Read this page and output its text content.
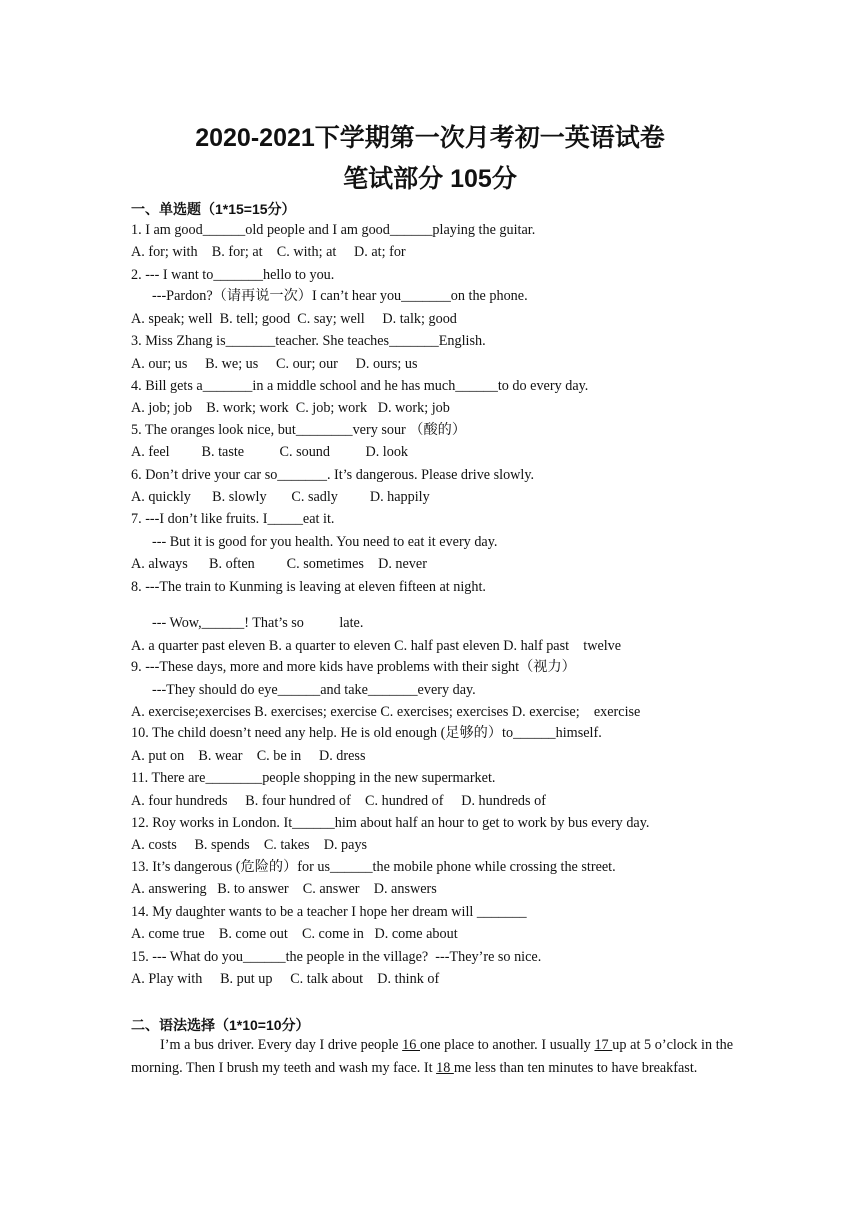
2020-2021下学期第一次月考初一英语试卷
笔试部分 105分
一、单选题（1*15=15分）
1. I am good______old people and I am good______playing the guitar.
A. for; with    B. for; at    C. with; at     D. at; for
2. --- I want to_______hello to you.
---Pardon?（请再说一次）I can’t hear you_______on the phone.
A. speak; well  B. tell; good  C. say; well     D. talk; good
3. Miss Zhang is_______teacher. She teaches_______English.
A. our; us     B. we; us     C. our; our     D. ours; us
4. Bill gets a_______in a middle school and he has much______to do every day.
A. job; job    B. work; work  C. job; work   D. work; job
5. The oranges look nice, but________very sour （酸的）
A. feel         B. taste          C. sound          D. look
6. Don’t drive your car so_______. It’s dangerous. Please drive slowly.
A. quickly      B. slowly       C. sadly         D. happily
7. ---I don’t like fruits. I_____eat it.
--- But it is good for you health. You need to eat it every day.
A. always      B. often         C. sometimes    D. never
8. ---The train to Kunming is leaving at eleven fifteen at night.
--- Wow,______! That’s so          late.
A. a quarter past eleven B. a quarter to eleven C. half past eleven D. half past    twelve
9. ---These days, more and more kids have problems with their sight（视力）
---They should do eye______and take_______every day.
A. exercise;exercises B. exercises; exercise C. exercises; exercises D. exercise;    exercise
10. The child doesn’t need any help. He is old enough (足够的）to______himself.
A. put on    B. wear    C. be in     D. dress
11. There are________people shopping in the new supermarket.
A. four hundreds     B. four hundred of    C. hundred of     D. hundreds of
12. Roy works in London. It______him about half an hour to get to work by bus every day.
A. costs     B. spends    C. takes    D. pays
13. It’s dangerous (危险的）for us______the mobile phone while crossing the street.
A. answering   B. to answer    C. answer    D. answers
14. My daughter wants to be a teacher I hope her dream will _______
A. come true    B. come out    C. come in   D. come about
15. --- What do you______the people in the village?  ---They’re so nice.
A. Play with     B. put up     C. talk about    D. think of
二、语法选择（1*10=10分）
I’m a bus driver. Every day I drive people 16 one place to another. I usually 17 up at 5 o’clock in the morning. Then I brush my teeth and wash my face. It 18 me less than ten minutes to have breakfast.
